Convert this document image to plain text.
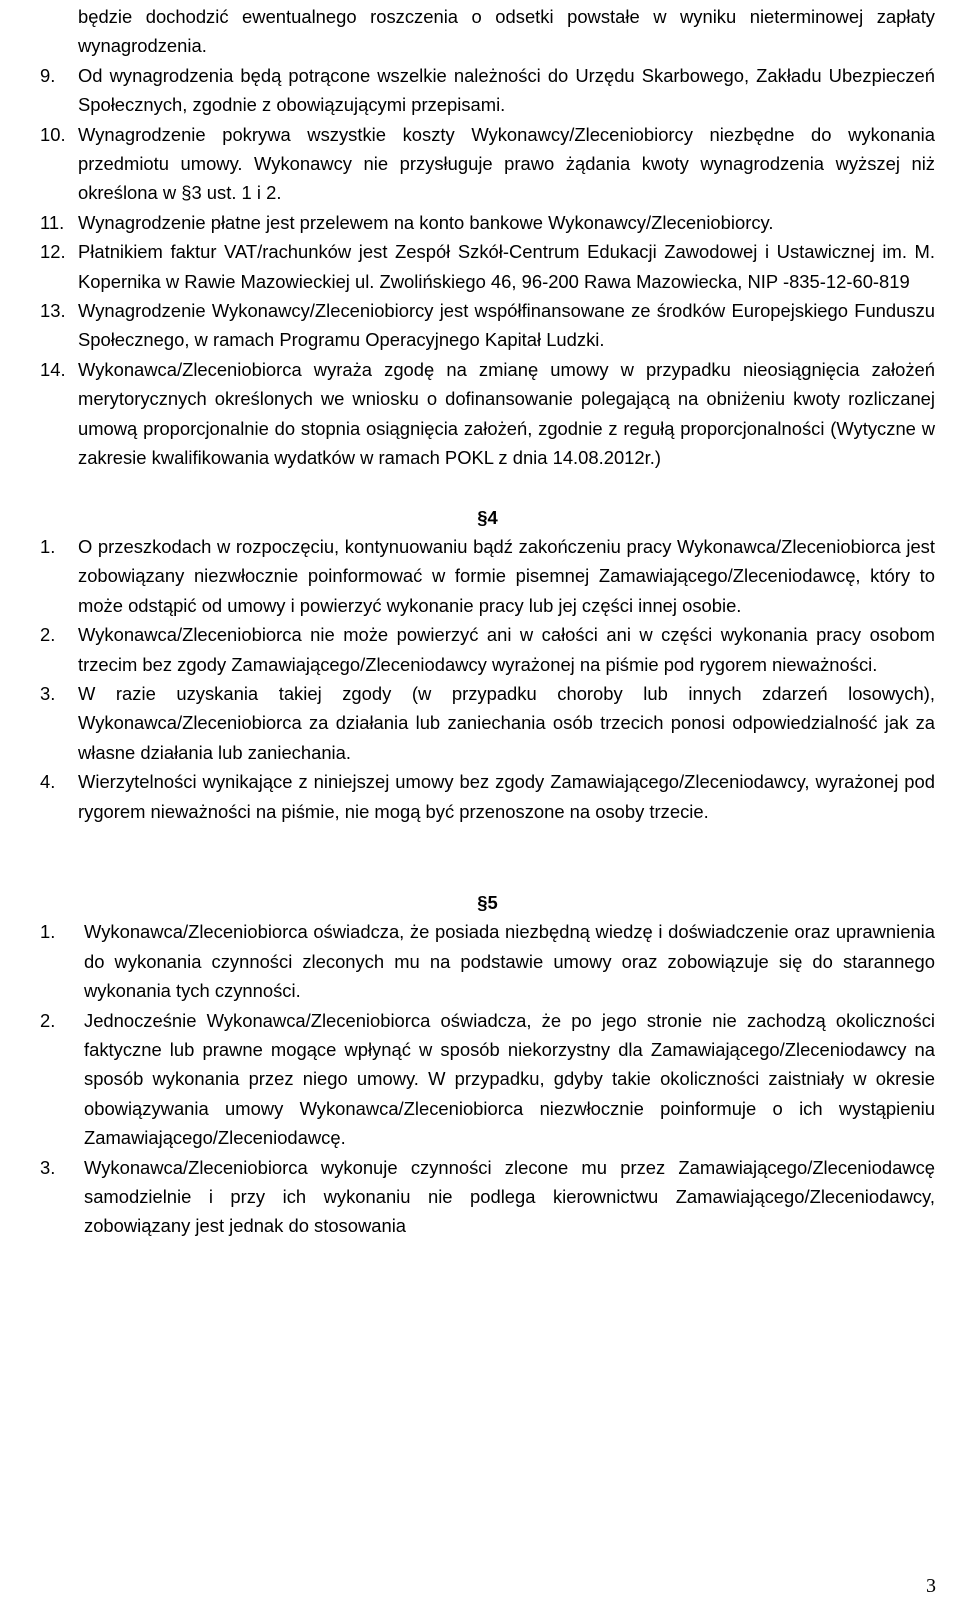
będzie dochodzić ewentualnego roszczenia o odsetki powstałe w wyniku nieterminowej zapłaty wynagrodzenia.
9.	Od wynagrodzenia będą potrącone wszelkie należności do Urzędu Skarbowego, Zakładu Ubezpieczeń Społecznych, zgodnie z obowiązującymi przepisami.
10. Wynagrodzenie pokrywa wszystkie koszty Wykonawcy/Zleceniobiorcy niezbędne do wykonania przedmiotu umowy. Wykonawcy nie przysługuje prawo żądania kwoty wynagrodzenia wyższej niż określona w §3 ust. 1 i 2.
11. Wynagrodzenie płatne jest przelewem na konto bankowe Wykonawcy/Zleceniobiorcy.
12. Płatnikiem faktur VAT/rachunków jest Zespół Szkół-Centrum Edukacji Zawodowej i Ustawicznej im. M. Kopernika w Rawie Mazowieckiej ul. Zwolińskiego 46, 96-200 Rawa Mazowiecka, NIP -835-12-60-819
13. Wynagrodzenie Wykonawcy/Zleceniobiorcy jest współfinansowane ze środków Europejskiego Funduszu Społecznego, w ramach Programu Operacyjnego Kapitał Ludzki.
14. Wykonawca/Zleceniobiorca wyraża zgodę na zmianę umowy w przypadku nieosiągnięcia założeń merytorycznych określonych we wniosku o dofinansowanie polegającą na obniżeniu kwoty rozliczanej umową proporcjonalnie do stopnia osiągnięcia założeń, zgodnie z regułą proporcjonalności (Wytyczne w zakresie kwalifikowania wydatków w ramach POKL z dnia 14.08.2012r.)
§4
1.	O przeszkodach w rozpoczęciu, kontynuowaniu bądź zakończeniu pracy Wykonawca/Zleceniobiorca jest zobowiązany niezwłocznie poinformować w formie pisemnej Zamawiającego/Zleceniodawcę, który to może odstąpić od umowy i powierzyć wykonanie pracy lub jej części innej osobie.
2.	Wykonawca/Zleceniobiorca nie może powierzyć ani w całości ani w części wykonania pracy osobom trzecim bez zgody Zamawiającego/Zleceniodawcy wyrażonej na piśmie pod rygorem nieważności.
3.	W razie uzyskania takiej zgody (w przypadku choroby lub innych zdarzeń losowych), Wykonawca/Zleceniobiorca za działania lub zaniechania osób trzecich ponosi odpowiedzialność jak za własne działania lub zaniechania.
4.	Wierzytelności wynikające z niniejszej umowy bez zgody Zamawiającego/Zleceniodawcy, wyrażonej pod rygorem nieważności na piśmie, nie mogą być przenoszone na osoby trzecie.
§5
1.	Wykonawca/Zleceniobiorca oświadcza, że posiada niezbędną wiedzę i doświadczenie oraz uprawnienia do wykonania czynności zleconych mu na podstawie umowy oraz zobowiązuje się do starannego wykonania tych czynności.
2.	Jednocześnie Wykonawca/Zleceniobiorca oświadcza, że po jego stronie nie zachodzą okoliczności faktyczne lub prawne mogące wpłynąć w sposób niekorzystny dla Zamawiającego/Zleceniodawcy na sposób wykonania przez niego umowy. W przypadku, gdyby takie okoliczności zaistniały w okresie obowiązywania umowy Wykonawca/Zleceniobiorca niezwłocznie poinformuje o ich wystąpieniu Zamawiającego/Zleceniodawcę.
3.	Wykonawca/Zleceniobiorca wykonuje czynności zlecone mu przez Zamawiającego/Zleceniodawcę samodzielnie i przy ich wykonaniu nie podlega kierownictwu Zamawiającego/Zleceniodawcy, zobowiązany jest jednak do stosowania
3
